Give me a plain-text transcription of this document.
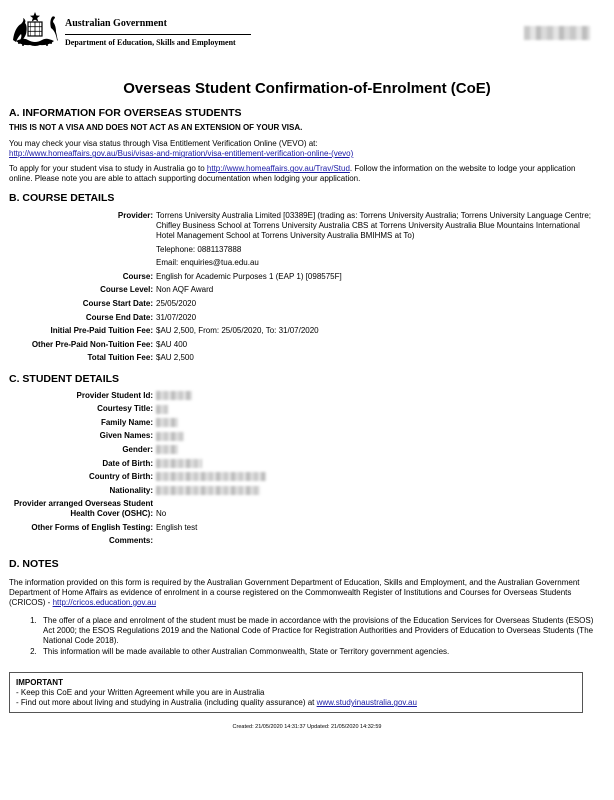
Australian Government
Department of Education, Skills and Employment
Overseas Student Confirmation-of-Enrolment (CoE)
A. INFORMATION FOR OVERSEAS STUDENTS
THIS IS NOT A VISA AND DOES NOT ACT AS AN EXTENSION OF YOUR VISA.

You may check your visa status through Visa Entitlement Verification Online (VEVO) at:
http://www.homeaffairs.gov.au/Busi/visas-and-migration/visa-entitlement-verification-online-(vevo)

To apply for your student visa to study in Australia go to http://www.homeaffairs.gov.au/Trav/Stud. Follow the information on the website to lodge your application online. Please note you are able to attach supporting documentation when lodging your application.

B. COURSE DETAILS
Provider: Torrens University Australia Limited [03389E] (trading as: Torrens University Australia; Torrens University Language Centre; Chifley Business School at Torrens University Australia CBS at Torrens University Australia Blue Mountains International Hotel Management School at Torrens University Australia BMIHMS at To)
Telephone: 0881137888
Email: enquiries@tua.edu.au
Course: English for Academic Purposes 1 (EAP 1) [098575F]
Course Level: Non AQF Award
Course Start Date: 25/05/2020
Course End Date: 31/07/2020
Initial Pre-Paid Tuition Fee: $AU 2,500, From: 25/05/2020, To: 31/07/2020
Other Pre-Paid Non-Tuition Fee: $AU 400
Total Tuition Fee: $AU 2,500
C. STUDENT DETAILS
Provider Student Id:
Courtesy Title:
Family Name:
Given Names:
Gender:
Date of Birth:
Country of Birth:
Nationality:
Provider arranged Overseas Student Health Cover (OSHC): No
Other Forms of English Testing: English test
Comments:
D. NOTES

The information provided on this form is required by the Australian Government Department of Education, Skills and Employment, and the Australian Government Department of Home Affairs as evidence of enrolment in a course registered on the Commonwealth Register of Institutions and Courses for Overseas Students (CRICOS) - http://cricos.education.gov.au

1. The offer of a place and enrolment of the student must be made in accordance with the provisions of the Education Services for Overseas Students (ESOS) Act 2000; the ESOS Regulations 2019 and the National Code of Practice for Registration Authorities and Providers of Education to Overseas Students (The National Code 2018).
2. This information will be made available to other Australian Commonwealth, State or Territory government agencies.
IMPORTANT
- Keep this CoE and your Written Agreement while you are in Australia
- Find out more about living and studying in Australia (including quality assurance) at www.studyinaustralia.gov.au
Created: 21/05/2020 14:31:37 Updated: 21/05/2020 14:32:59
